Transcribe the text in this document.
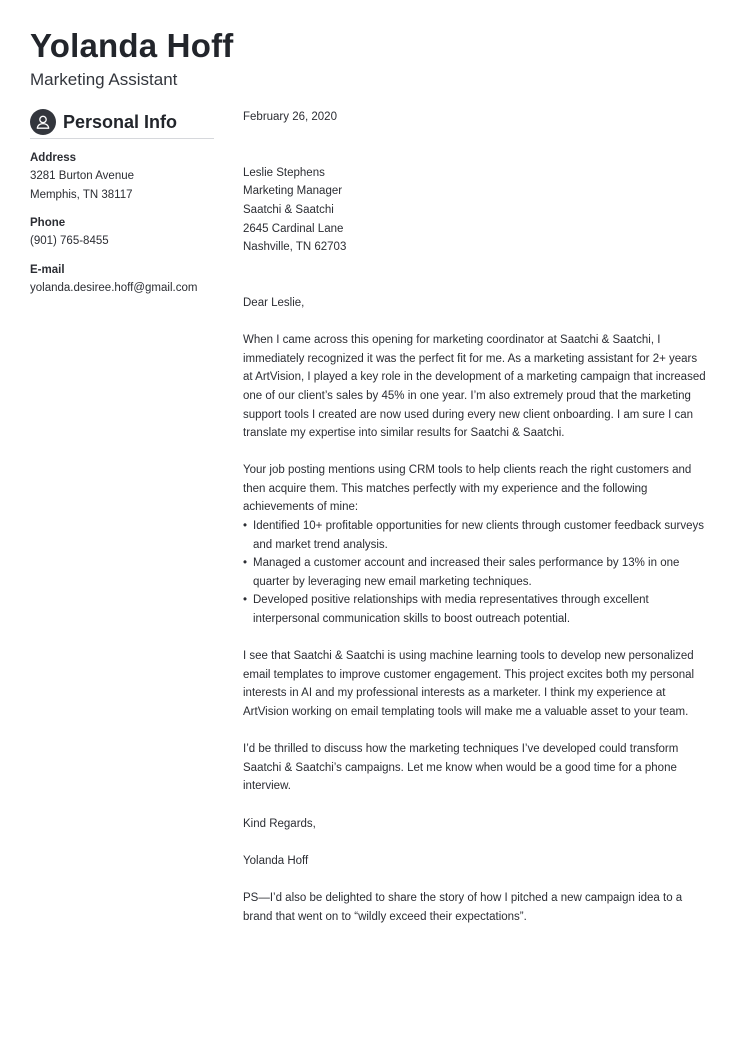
Yolanda Hoff
Marketing Assistant
Personal Info
Address
3281 Burton Avenue
Memphis, TN 38117
Phone
(901) 765-8455
E-mail
yolanda.desiree.hoff@gmail.com

February 26, 2020

Leslie Stephens

Marketing Manager

Saatchi & Saatchi

2645 Cardinal Lane

Nashville, TN 62703

Dear Leslie,

When I came across this opening for marketing coordinator at Saatchi & Saatchi, I immediately recognized it was the perfect fit for me. As a marketing assistant for 2+ years at ArtVision, I played a key role in the development of a marketing campaign that increased one of our client’s sales by 45% in one year. I’m also extremely proud that the marketing support tools I created are now used during every new client onboarding. I am sure I can translate my expertise into similar results for Saatchi & Saatchi.

Your job posting mentions using CRM tools to help clients reach the right customers and then acquire them. This matches perfectly with my experience and the following achievements of mine:

• Identified 10+ profitable opportunities for new clients through customer feedback surveys and market trend analysis.
• Managed a customer account and increased their sales performance by 13% in one quarter by leveraging new email marketing techniques.
• Developed positive relationships with media representatives through excellent interpersonal communication skills to boost outreach potential.

I see that Saatchi & Saatchi is using machine learning tools to develop new personalized email templates to improve customer engagement. This project excites both my personal interests in AI and my professional interests as a marketer. I think my experience at ArtVision working on email templating tools will make me a valuable asset to your team.

I’d be thrilled to discuss how the marketing techniques I’ve developed could transform Saatchi & Saatchi’s campaigns. Let me know when would be a good time for a phone interview.

Kind Regards,

Yolanda Hoff

PS—I’d also be delighted to share the story of how I pitched a new campaign idea to a brand that went on to “wildly exceed their expectations”.
